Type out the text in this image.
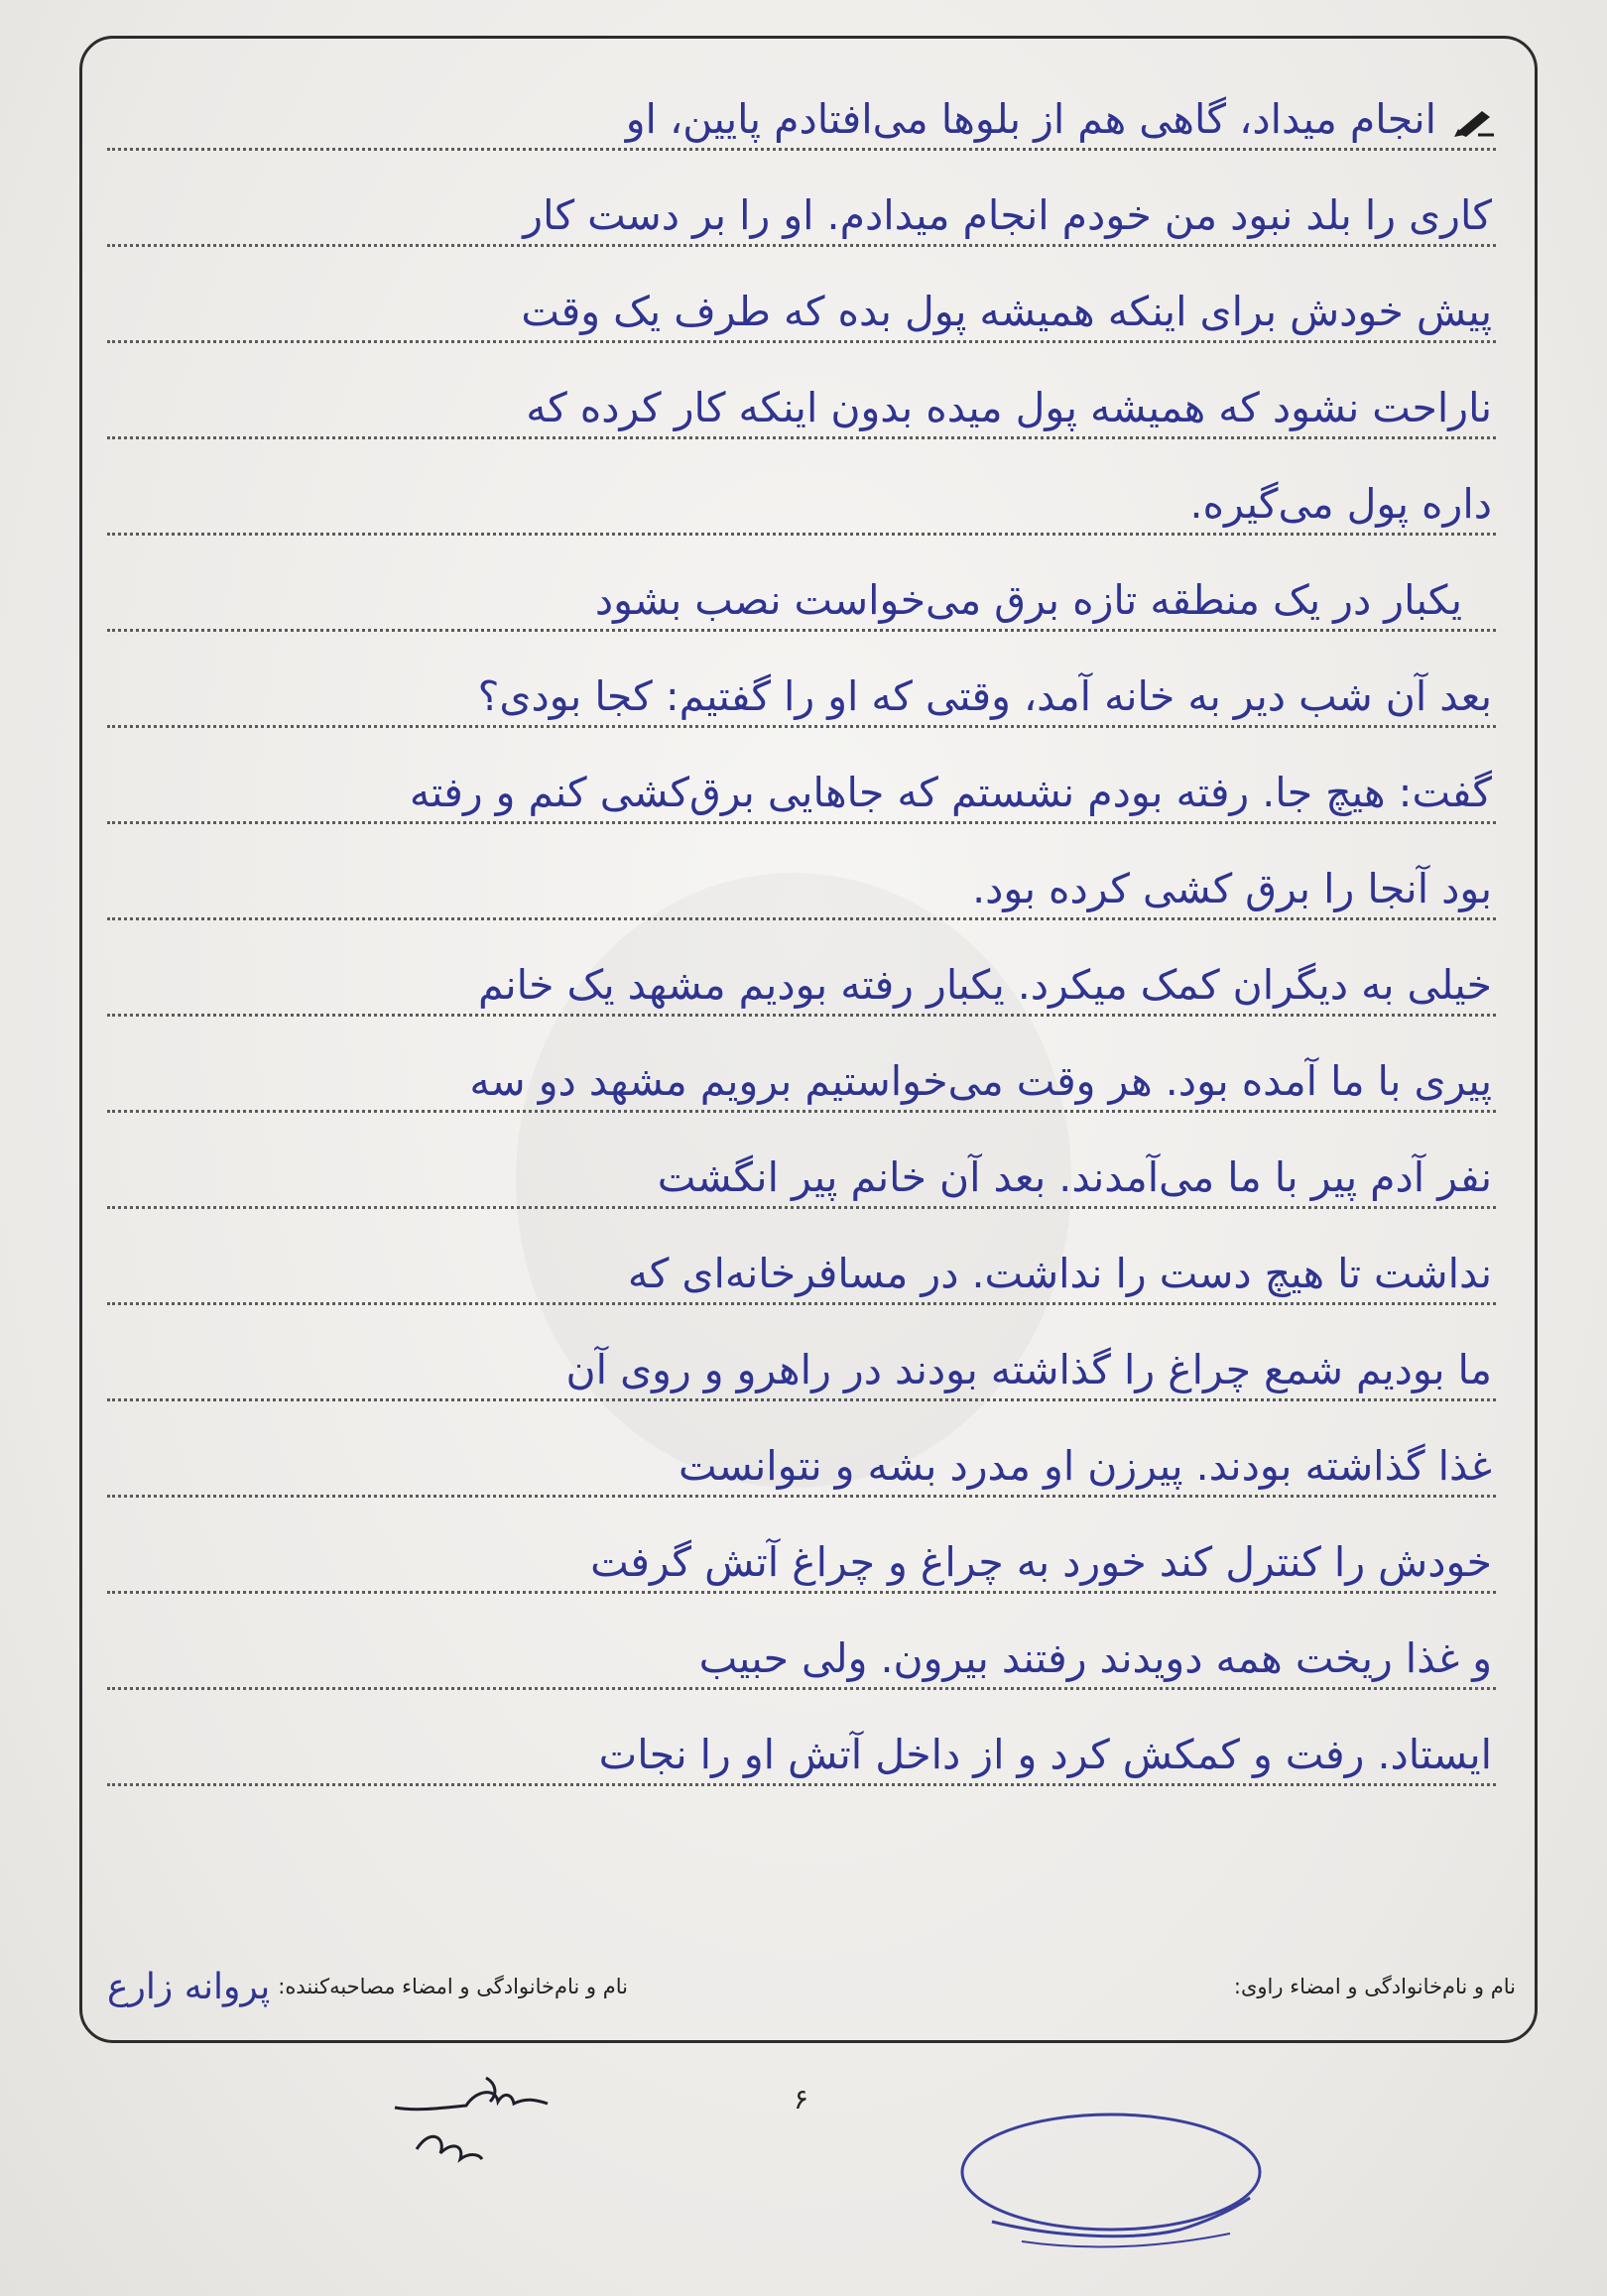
انجام میداد، گاهی هم از بلوها می‌افتادم پایین، او
کاری را بلد نبود من خودم انجام میدادم. او را بر دست کار
پیش خودش برای اینکه همیشه پول بده که طرف یک وقت
ناراحت نشود که همیشه پول میده بدون اینکه کار کرده که
داره پول می‌گیره.
یکبار در یک منطقه تازه برق می‌خواست نصب بشود
بعد آن شب دیر به خانه آمد، وقتی که او را گفتیم: کجا بودی؟
گفت: هیچ جا. رفته بودم نشستم که جاهایی برق‌کشی کنم و رفته
بود آنجا را برق کشی کرده بود.
خیلی به دیگران کمک میکرد. یکبار رفته بودیم مشهد یک خانم
پیری با ما آمده بود. هر وقت می‌خواستیم برویم مشهد دو سه
نفر آدم پیر با ما می‌آمدند. بعد آن خانم پیر انگشت
نداشت تا هیچ دست را نداشت. در مسافرخانه‌ای که
ما بودیم شمع چراغ را گذاشته بودند در راهرو و روی آن
غذا گذاشته بودند. پیرزن او مدرد بشه و نتوانست
خودش را کنترل کند خورد به چراغ و چراغ آتش گرفت
و غذا ریخت همه دویدند رفتند بیرون. ولی حبیب
ایستاد. رفت و کمکش کرد و از داخل آتش او را نجات
نام و نام‌خانوادگی و امضاء راوی:
نام و نام‌خانوادگی و امضاء مصاحبه‌کننده:
پروانه زارع
۶
